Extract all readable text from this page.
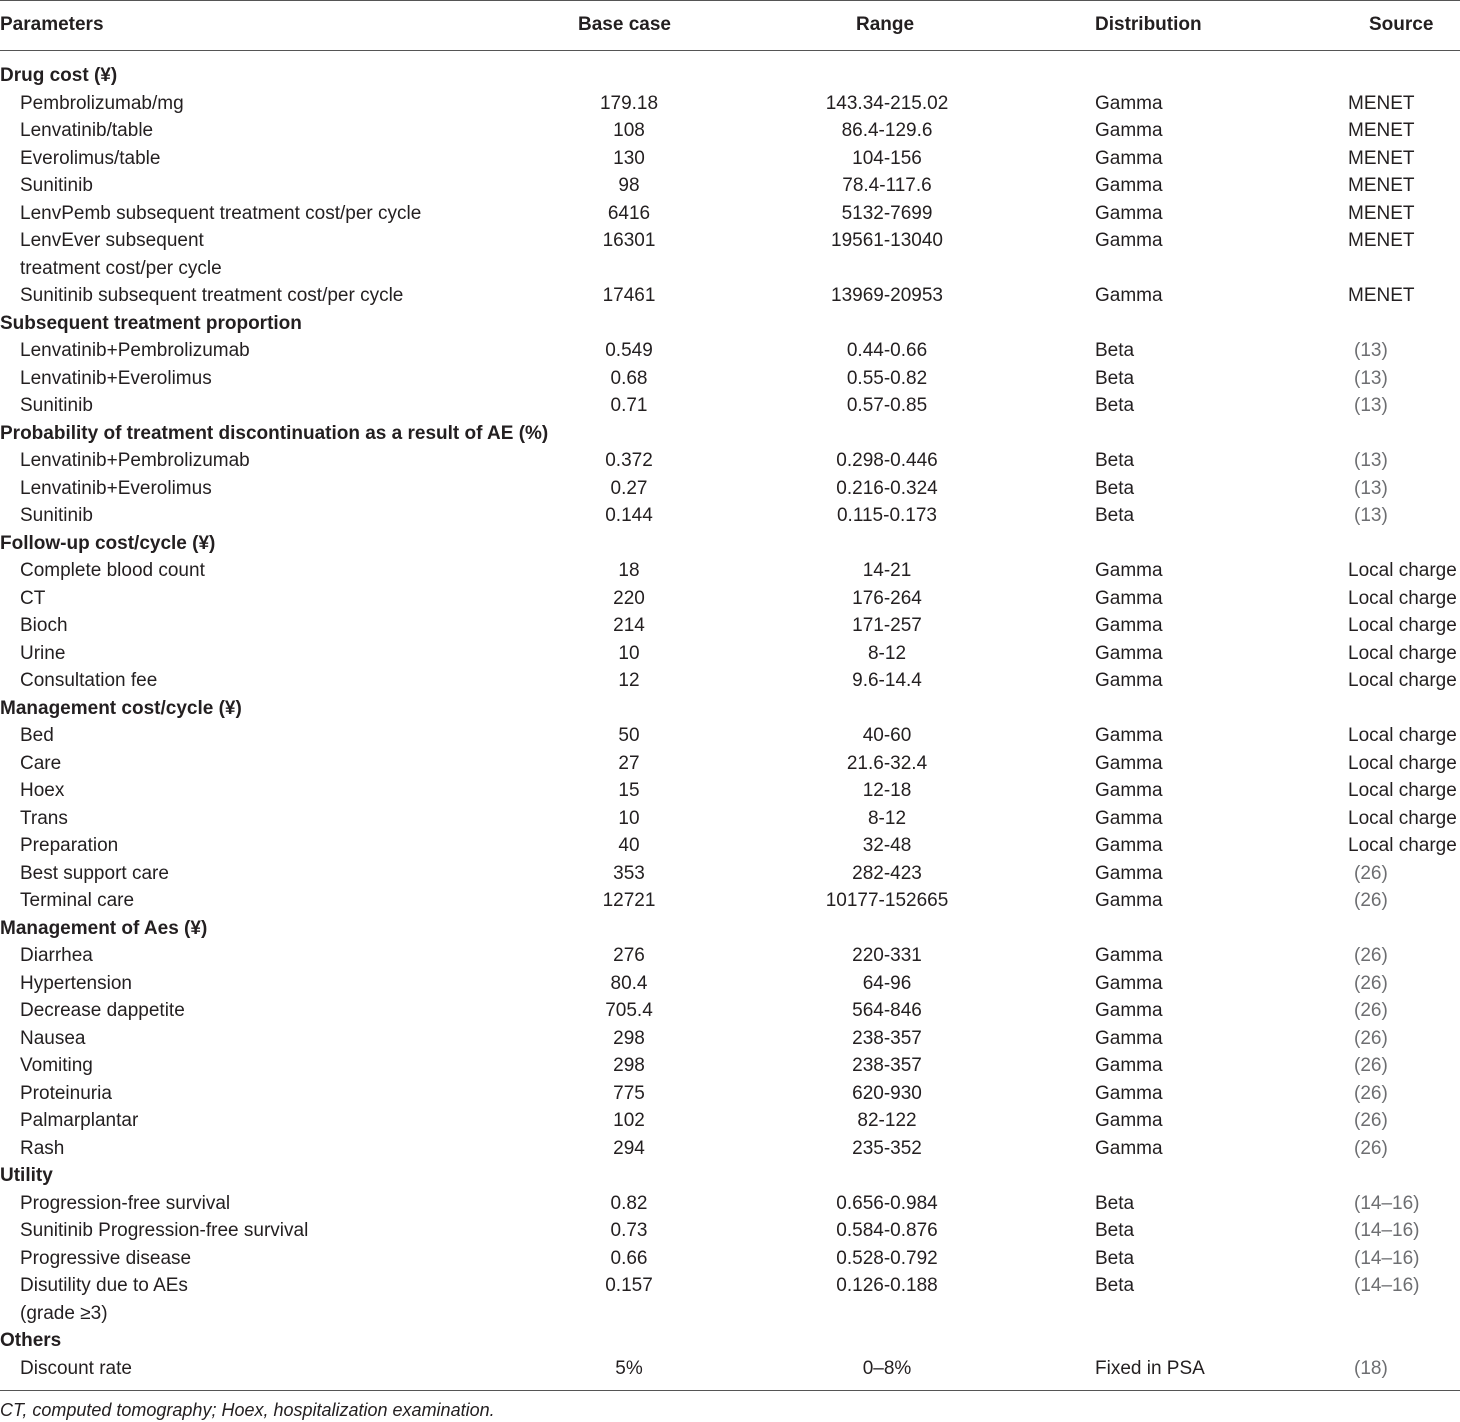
Parameters	Base case	Range	Distribution	Source
Drug cost (¥)
Pembrolizumab/mg	179.18	143.34-215.02	Gamma	MENET
Lenvatinib/table	108	86.4-129.6	Gamma	MENET
Everolimus/table	130	104-156	Gamma	MENET
Sunitinib	98	78.4-117.6	Gamma	MENET
LenvPemb subsequent treatment cost/per cycle	6416	5132-7699	Gamma	MENET
LenvEver subsequent
treatment cost/per cycle
16301	19561-13040	Gamma	MENET
Sunitinib subsequent treatment cost/per cycle	17461	13969-20953	Gamma	MENET
Subsequent treatment proportion
Lenvatinib+Pembrolizumab	0.549	0.44-0.66	Beta	(13)
Lenvatinib+Everolimus	0.68	0.55-0.82	Beta	(13)
Sunitinib	0.71	0.57-0.85	Beta	(13)
Probability of treatment discontinuation as a result of AE (%)
Lenvatinib+Pembrolizumab	0.372	0.298-0.446	Beta	(13)
Lenvatinib+Everolimus	0.27	0.216-0.324	Beta	(13)
Sunitinib	0.144	0.115-0.173	Beta	(13)
Follow-up cost/cycle (¥)
Complete blood count	18	14-21	Gamma	Local charge
CT	220	176-264	Gamma	Local charge
Bioch	214	171-257	Gamma	Local charge
Urine	10	8-12	Gamma	Local charge
Consultation fee	12	9.6-14.4	Gamma	Local charge
Management cost/cycle (¥)
Bed	50	40-60	Gamma	Local charge
Care	27	21.6-32.4	Gamma	Local charge
Hoex	15	12-18	Gamma	Local charge
Trans	10	8-12	Gamma	Local charge
Preparation	40	32-48	Gamma	Local charge
Best support care	353	282-423	Gamma	(26)
Terminal care	12721	10177-152665	Gamma	(26)
Management of Aes (¥)
Diarrhea	276	220-331	Gamma	(26)
Hypertension	80.4	64-96	Gamma	(26)
Decrease dappetite	705.4	564-846	Gamma	(26)
Nausea	298	238-357	Gamma	(26)
Vomiting	298	238-357	Gamma	(26)
Proteinuria	775	620-930	Gamma	(26)
Palmarplantar	102	82-122	Gamma	(26)
Rash	294	235-352	Gamma	(26)
Utility
Progression-free survival	0.82	0.656-0.984	Beta	(14–16)
Sunitinib Progression-free survival	0.73	0.584-0.876	Beta	(14–16)
Progressive disease	0.66	0.528-0.792	Beta	(14–16)
Disutility due to AEs
(grade ≥3)
0.157	0.126-0.188	Beta	(14–16)
Others
Discount rate	5%	0–8%	Fixed in PSA	(18)
CT, computed tomography; Hoex, hospitalization examination.
